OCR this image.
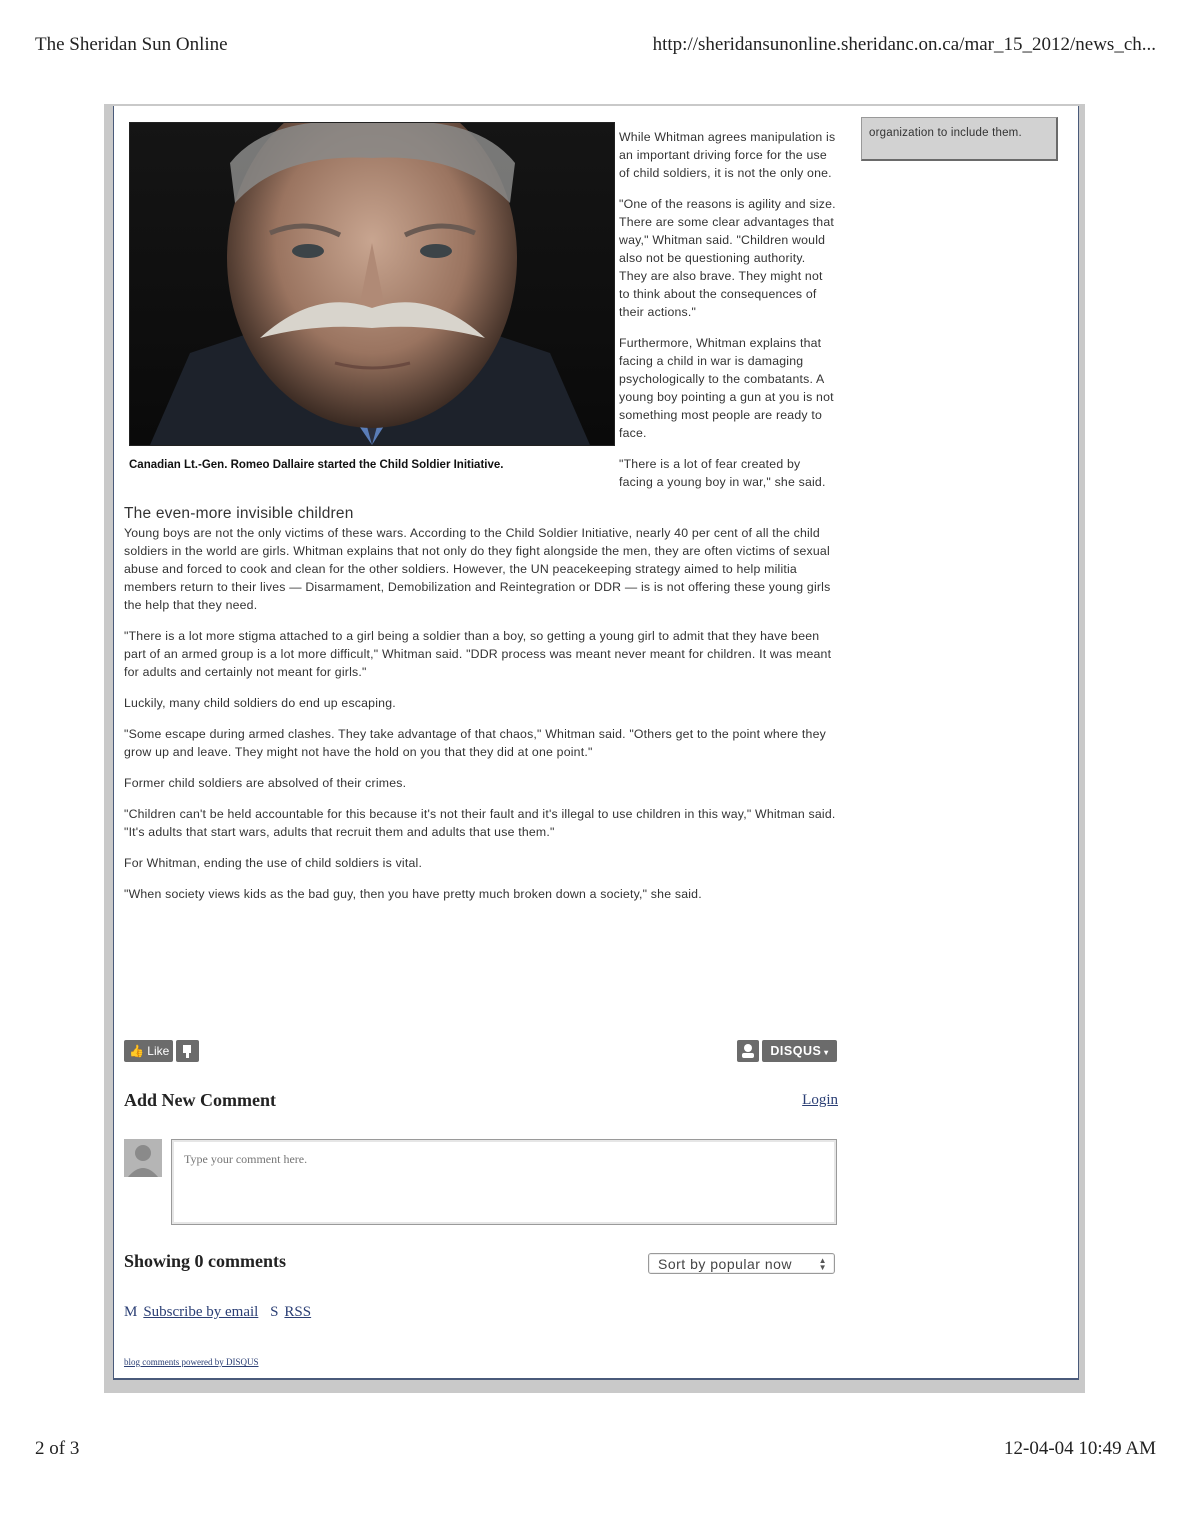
The Sheridan Sun Online	http://sheridansunonline.sheridanc.on.ca/mar_15_2012/news_ch...
Canadian Lt.-Gen. Romeo Dallaire started the Child Soldier Initiative.

While Whitman agrees manipulation is an important driving force for the use of child soldiers, it is not the only one.

"One of the reasons is agility and size. There are some clear advantages that way," Whitman said. "Children would also not be questioning authority. They are also brave. They might not to think about the consequences of their actions."

Furthermore, Whitman explains that facing a child in war is damaging psychologically to the combatants. A young boy pointing a gun at you is not something most people are ready to face.

"There is a lot of fear created by facing a young boy in war," she said.

The even-more invisible children

Young boys are not the only victims of these wars. According to the Child Soldier Initiative, nearly 40 per cent of all the child soldiers in the world are girls. Whitman explains that not only do they fight alongside the men, they are often victims of sexual abuse and forced to cook and clean for the other soldiers. However, the UN peacekeeping strategy aimed to help militia members return to their lives — Disarmament, Demobilization and Reintegration or DDR — is is not offering these young girls the help that they need.

"There is a lot more stigma attached to a girl being a soldier than a boy, so getting a young girl to admit that they have been part of an armed group is a lot more difficult," Whitman said. "DDR process was meant never meant for children. It was meant for adults and certainly not meant for girls."

Luckily, many child soldiers do end up escaping.

"Some escape during armed clashes. They take advantage of that chaos," Whitman said. "Others get to the point where they grow up and leave. They might not have the hold on you that they did at one point."

Former child soldiers are absolved of their crimes.

"Children can't be held accountable for this because it's not their fault and it's illegal to use children in this way," Whitman said. "It's adults that start wars, adults that recruit them and adults that use them."

For Whitman, ending the use of child soldiers is vital.

"When society views kids as the bad guy, then you have pretty much broken down a society," she said.

organization to include them.
👍 Like	DISQUS ▾
Add New Comment	Login
Type your comment here.
Showing 0 comments	Sort by popular now	▲
▼
M Subscribe by email S RSS
blog comments powered by DISQUS
2 of 3	12-04-04 10:49 AM
